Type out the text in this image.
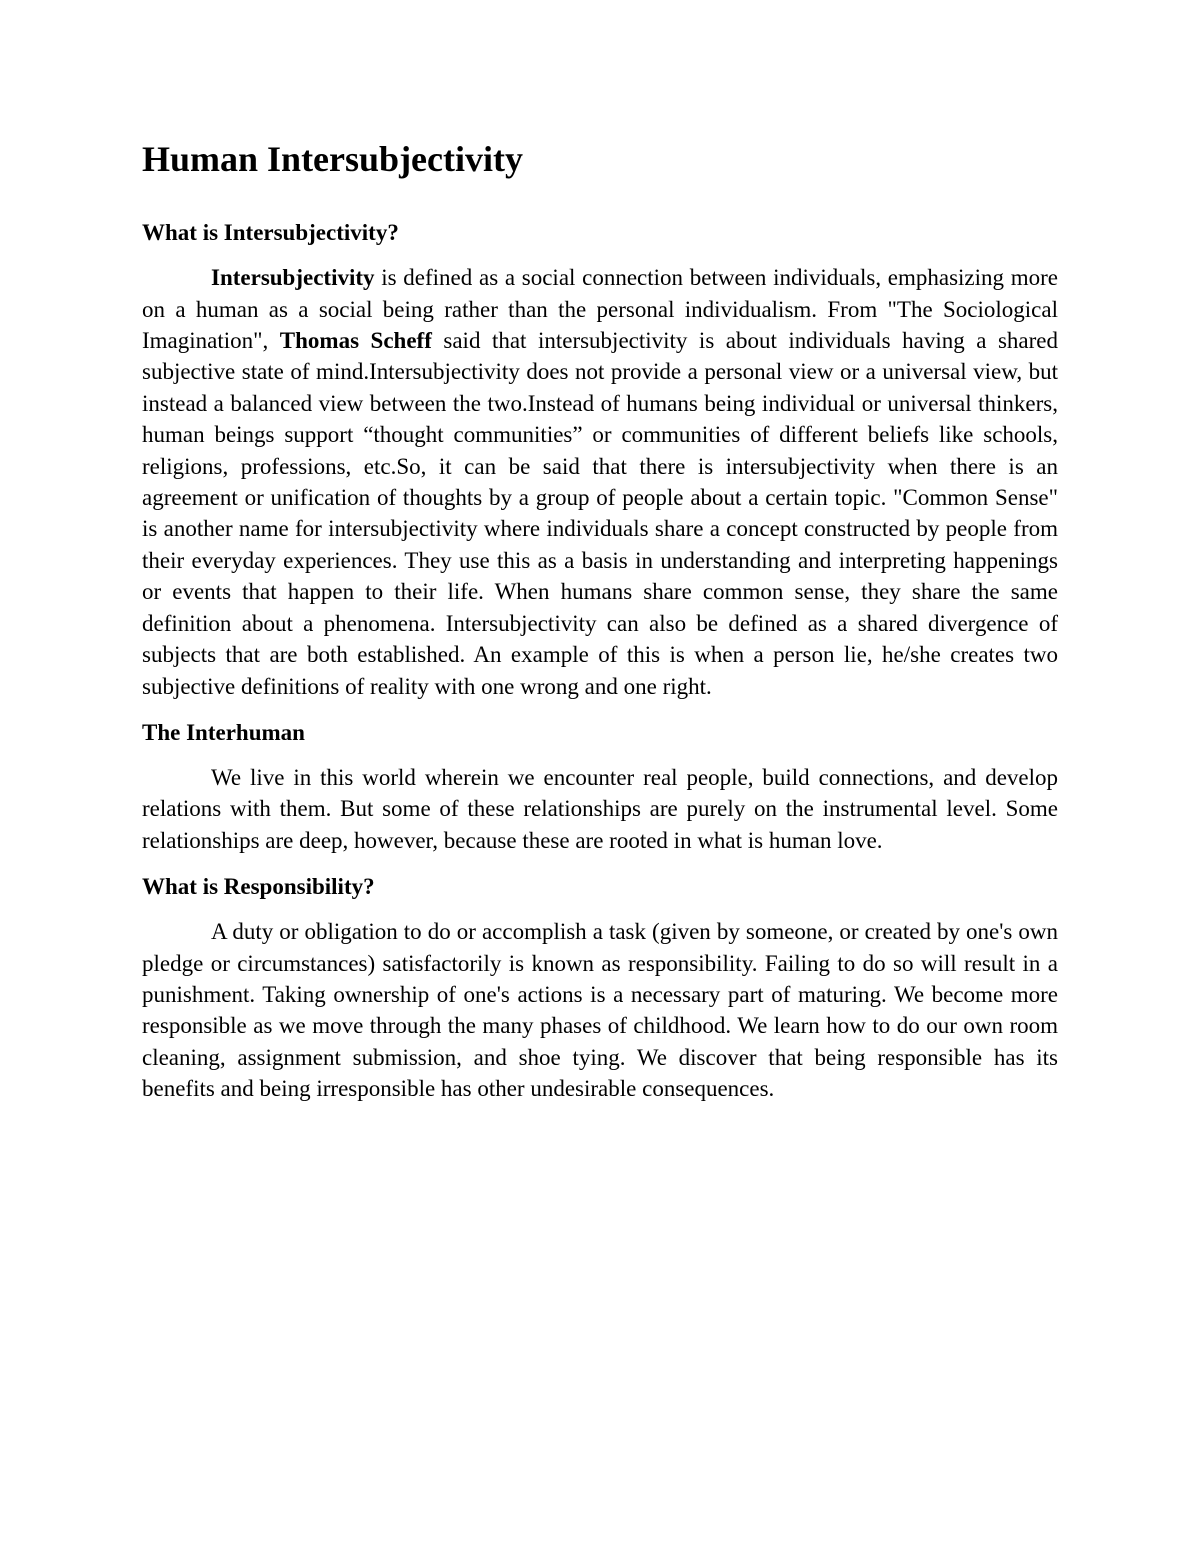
Human Intersubjectivity
What is Intersubjectivity?

Intersubjectivity is defined as a social connection between individuals, emphasizing more on a human as a social being rather than the personal individualism. From "The Sociological Imagination", Thomas Scheff said that intersubjectivity is about individuals having a shared subjective state of mind.Intersubjectivity does not provide a personal view or a universal view, but instead a balanced view between the two.Instead of humans being individual or universal thinkers, human beings support “thought communities” or communities of different beliefs like schools, religions, professions, etc.So, it can be said that there is intersubjectivity when there is an agreement or unification of thoughts by a group of people about a certain topic. "Common Sense" is another name for intersubjectivity where individuals share a concept constructed by people from their everyday experiences. They use this as a basis in understanding and interpreting happenings or events that happen to their life. When humans share common sense, they share the same definition about a phenomena. Intersubjectivity can also be defined as a shared divergence of subjects that are both established. An example of this is when a person lie, he/she creates two subjective definitions of reality with one wrong and one right.

The Interhuman

We live in this world wherein we encounter real people, build connections, and develop relations with them. But some of these relationships are purely on the instrumental level. Some relationships are deep, however, because these are rooted in what is human love.

What is Responsibility?

A duty or obligation to do or accomplish a task (given by someone, or created by one's own pledge or circumstances) satisfactorily is known as responsibility. Failing to do so will result in a punishment. Taking ownership of one's actions is a necessary part of maturing. We become more responsible as we move through the many phases of childhood. We learn how to do our own room cleaning, assignment submission, and shoe tying. We discover that being responsible has its benefits and being irresponsible has other undesirable consequences.
